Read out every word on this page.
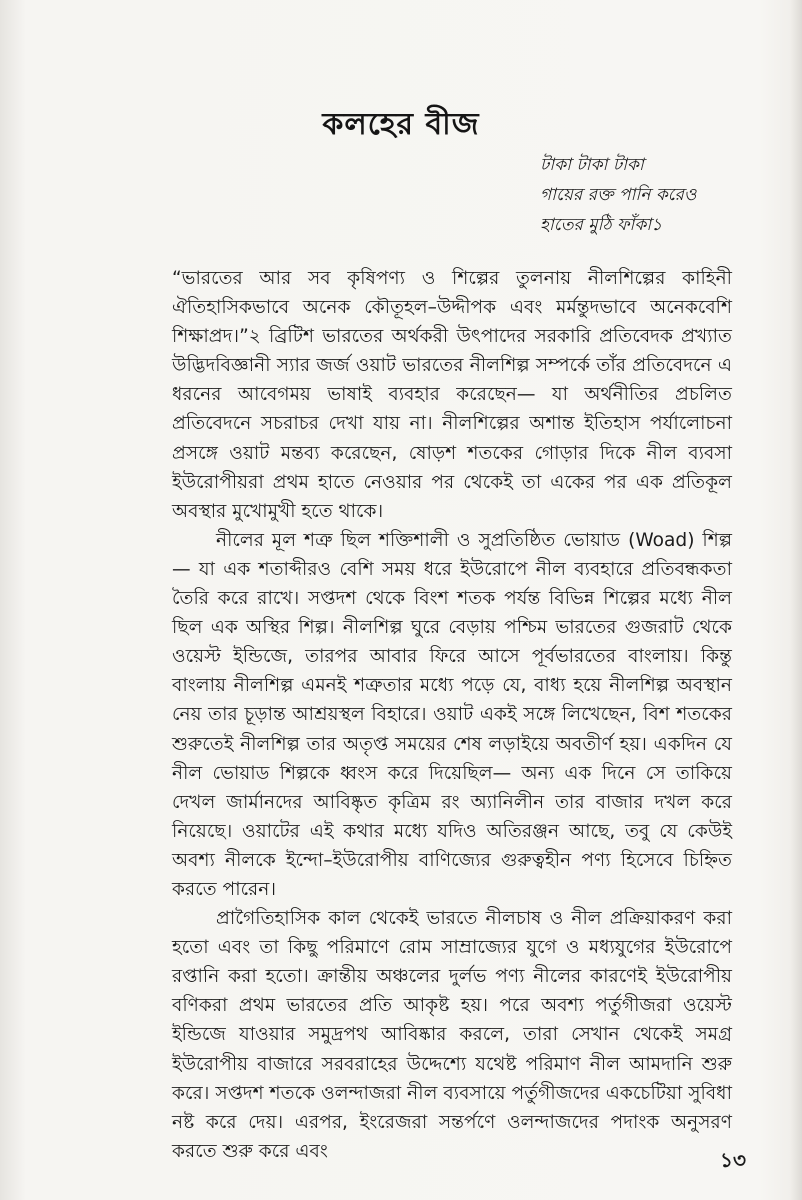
কলহের বীজ
টাকা টাকা টাকা
গায়ের রক্ত পানি করেও
হাতের মুঠি ফাঁকা১

“ভারতের আর সব কৃষিপণ্য ও শিল্পের তুলনায় নীলশিল্পের কাহিনী ঐতিহাসিকভাবে অনেক কৌতূহল–উদ্দীপক এবং মর্মন্তুদভাবে অনেকবেশি শিক্ষাপ্রদ।”২ ব্রিটিশ ভারতের অর্থকরী উৎপাদের সরকারি প্রতিবেদক প্রখ্যাত উদ্ভিদবিজ্ঞানী স্যার জর্জ ওয়াট ভারতের নীলশিল্প সম্পর্কে তাঁর প্রতিবেদনে এ ধরনের আবেগময় ভাষাই ব্যবহার করেছেন— যা অর্থনীতির প্রচলিত প্রতিবেদনে সচরাচর দেখা যায় না। নীলশিল্পের অশান্ত ইতিহাস পর্যালোচনা প্রসঙ্গে ওয়াট মন্তব্য করেছেন, ষোড়শ শতকের গোড়ার দিকে নীল ব্যবসা ইউরোপীয়রা প্রথম হাতে নেওয়ার পর থেকেই তা একের পর এক প্রতিকূল অবস্থার মুখোমুখী হতে থাকে।

নীলের মূল শত্রু ছিল শক্তিশালী ও সুপ্রতিষ্ঠিত ভোয়াড (Woad) শিল্প— যা এক শতাব্দীরও বেশি সময় ধরে ইউরোপে নীল ব্যবহারে প্রতিবন্ধকতা তৈরি করে রাখে। সপ্তদশ থেকে বিংশ শতক পর্যন্ত বিভিন্ন শিল্পের মধ্যে নীল ছিল এক অস্থির শিল্প। নীলশিল্প ঘুরে বেড়ায় পশ্চিম ভারতের গুজরাট থেকে ওয়েস্ট ইন্ডিজে, তারপর আবার ফিরে আসে পূর্বভারতের বাংলায়। কিন্তু বাংলায় নীলশিল্প এমনই শত্রুতার মধ্যে পড়ে যে, বাধ্য হয়ে নীলশিল্প অবস্থান নেয় তার চূড়ান্ত আশ্রয়স্থল বিহারে। ওয়াট একই সঙ্গে লিখেছেন, বিশ শতকের শুরুতেই নীলশিল্প তার অতৃপ্ত সময়ের শেষ লড়াইয়ে অবতীর্ণ হয়। একদিন যে নীল ভোয়াড শিল্পকে ধ্বংস করে দিয়েছিল— অন্য এক দিনে সে তাকিয়ে দেখল জার্মানদের আবিষ্কৃত কৃত্রিম রং অ্যানিলীন তার বাজার দখল করে নিয়েছে। ওয়াটের এই কথার মধ্যে যদিও অতিরঞ্জন আছে, তবু যে কেউই অবশ্য নীলকে ইন্দো–ইউরোপীয় বাণিজ্যের গুরুত্বহীন পণ্য হিসেবে চিহ্নিত করতে পারেন।

প্রাগৈতিহাসিক কাল থেকেই ভারতে নীলচাষ ও নীল প্রক্রিয়াকরণ করা হতো এবং তা কিছু পরিমাণে রোম সাম্রাজ্যের যুগে ও মধ্যযুগের ইউরোপে রপ্তানি করা হতো। ক্রান্তীয় অঞ্চলের দুর্লভ পণ্য নীলের কারণেই ইউরোপীয় বণিকরা প্রথম ভারতের প্রতি আকৃষ্ট হয়। পরে অবশ্য পর্তুগীজরা ওয়েস্ট ইন্ডিজে যাওয়ার সমুদ্রপথ আবিষ্কার করলে, তারা সেখান থেকেই সমগ্র ইউরোপীয় বাজারে সরবরাহের উদ্দেশ্যে যথেষ্ট পরিমাণ নীল আমদানি শুরু করে। সপ্তদশ শতকে ওলন্দাজরা নীল ব্যবসায়ে পর্তুগীজদের একচেটিয়া সুবিধা নষ্ট করে দেয়। এরপর, ইংরেজরা সন্তর্পণে ওলন্দাজদের পদাংক অনুসরণ করতে শুরু করে এবং	১৩
